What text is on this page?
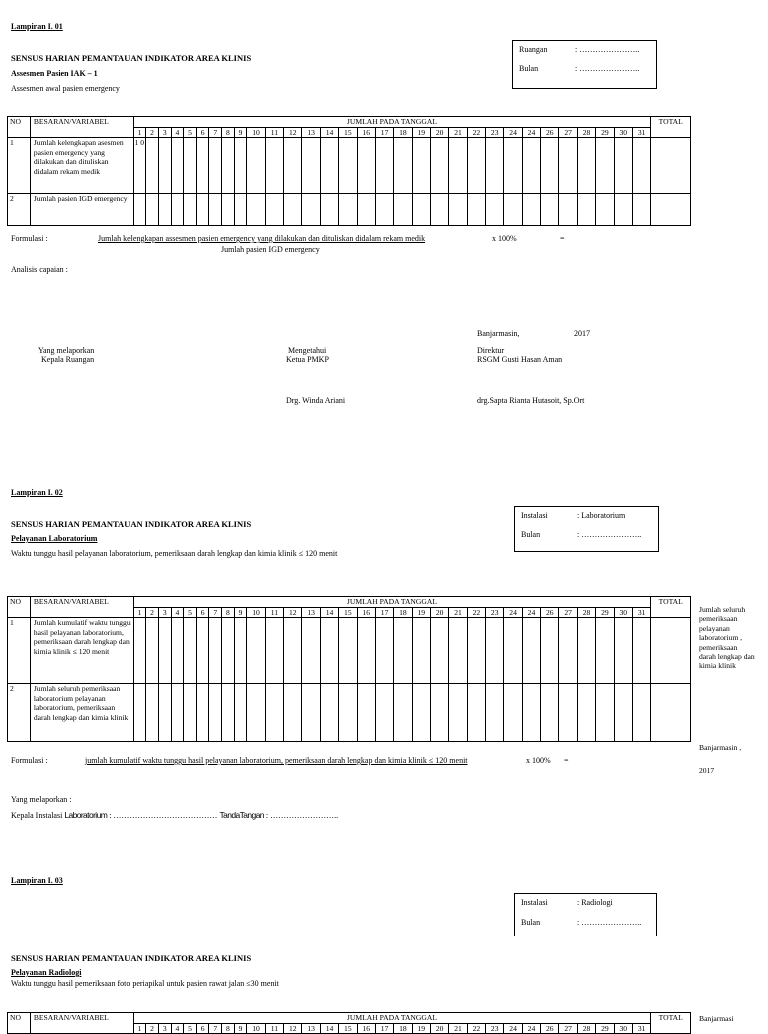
Lampiran I. 01
Ruangan	: …………………..
Bulan	: …………………..
SENSUS HARIAN PEMANTAUAN INDIKATOR AREA KLINIS
Assesmen Pasien IAK – 1
Assesmen awal pasien emergency
NO	BESARAN/VARIABEL	JUMLAH PADA TANGGAL																															TOTAL
		1	2	3	4	5	6	7	8	9	10	11	12	13	14	15	16	17	18	19	20	21	22	23	24	24	26	27	28	29	30	31	
1	Jumlah kelengkapan asesmen pasien emergency yang dilakukan dan dituliskan didalam rekam medik	1 0																															
2	Jumlah pasien IGD emergency																																
Formulasi :	Jumlah kelengkapan assesmen pasien emergency yang dilakukan dan dituliskan didalam rekam medik	x 100%	=
Jumlah pasien IGD emergency
Analisis capaian :
Banjarmasin,	2017
Yang melaporkan
Kepala Ruangan
Mengetahui
Ketua PMKP
Direktur
RSGM Gusti Hasan Aman
Drg. Winda Ariani	drg.Sapta Rianta Hutasoit, Sp.Ort
Lampiran I. 02
Instalasi	: Laboratorium
Bulan	: …………………..
SENSUS HARIAN PEMANTAUAN INDIKATOR AREA KLINIS
Pelayanan Laboratorium
Waktu tunggu hasil pelayanan laboratorium, pemeriksaan darah lengkap dan kimia klinik ≤ 120 menit
NO	BESARAN/VARIABEL	JUMLAH PADA TANGGAL																															TOTAL
		1	2	3	4	5	6	7	8	9	10	11	12	13	14	15	16	17	18	19	20	21	22	23	24	24	26	27	28	29	30	31	
1	Jumlah kumulatif waktu tunggu hasil pelayanan laboratorium, pemeriksaan darah lengkap dan kimia klinik ≤ 120 menit																																
2	Jumlah seluruh pemeriksaan laboratorium pelayanan laboratorium, pemeriksaan darah lengkap dan kimia klinik																																
Jumlah seluruh pemeriksaan pelayanan laboratorium , pemeriksaan darah lengkap dan kimia klinik
Banjarmasin ,
2017
Formulasi :	jumlah kumulatif waktu tunggu hasil pelayanan laboratorium, pemeriksaan darah lengkap dan kimia klinik ≤ 120 menit	x 100% =
Yang melaporkan :
Kepala Instalasi Laboratorium : ………………………………… TandaTangan : ……………………..
Lampiran I. 03
Instalasi	: Radiologi
Bulan	: …………………..
SENSUS HARIAN PEMANTAUAN INDIKATOR AREA KLINIS
Pelayanan Radiologi
Waktu tunggu hasil pemeriksaan foto periapikal untuk pasien rawat jalan ≤30 menit
NO	BESARAN/VARIABEL	JUMLAH PADA TANGGAL																															TOTAL
		1	2	3	4	5	6	7	8	9	10	11	12	13	14	15	16	17	18	19	20	21	22	23	24	24	26	27	28	29	30	31	
Banjarmasi
